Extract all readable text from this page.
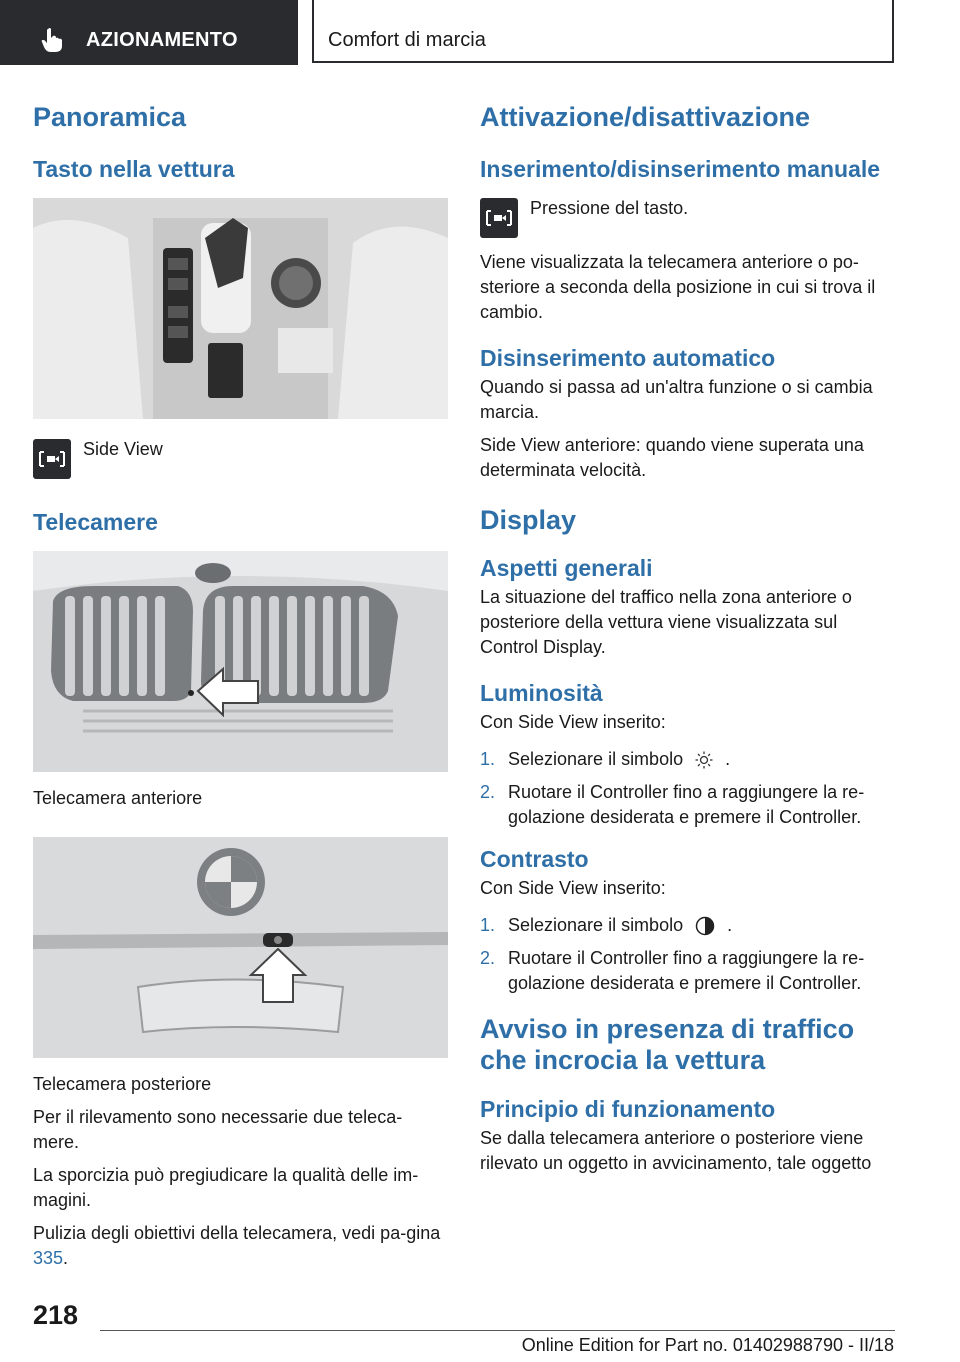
AZIONAMENTO	Comfort di marcia
Panoramica
Tasto nella vettura
Side View
Telecamere

Telecamera anteriore

Telecamera posteriore

Per il rilevamento sono necessarie due teleca‐mere.

La sporcizia può pregiudicare la qualità delle im‐magini.

Pulizia degli obiettivi della telecamera, vedi pa‐gina 335.

Attivazione/disattivazione
Inserimento/disinserimento manuale
Pressione del tasto.

Viene visualizzata la telecamera anteriore o po‐steriore a seconda della posizione in cui si trova il cambio.

Disinserimento automatico

Quando si passa ad un'altra funzione o si cambia marcia.

Side View anteriore: quando viene superata una determinata velocità.

Display
Aspetti generali

La situazione del traffico nella zona anteriore o posteriore della vettura viene visualizzata sul Control Display.

Luminosità

Con Side View inserito:

1. Selezionare il simbolo .
2. Ruotare il Controller fino a raggiungere la re‐golazione desiderata e premere il Controller.
Contrasto

Con Side View inserito:

1. Selezionare il simbolo .
2. Ruotare il Controller fino a raggiungere la re‐golazione desiderata e premere il Controller.
Avviso in presenza di traffico che incrocia la vettura
Principio di funzionamento

Se dalla telecamera anteriore o posteriore viene rilevato un oggetto in avvicinamento, tale oggetto

218
Online Edition for Part no. 01402988790 - II/18
